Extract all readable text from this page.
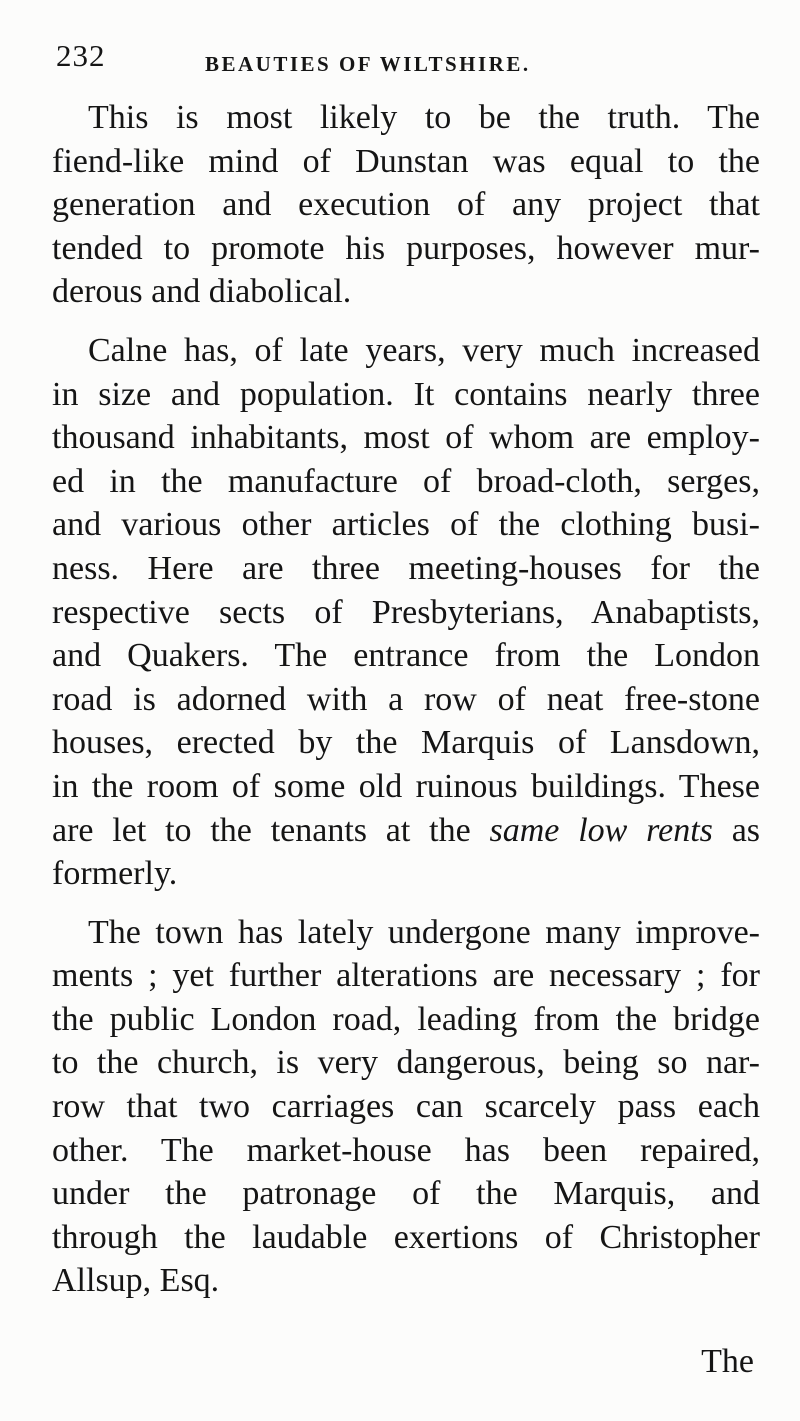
232	BEAUTIES OF WILTSHIRE.

This is most likely to be the truth. The
fiend-like mind of Dunstan was equal to the
generation and execution of any project that
tended to promote his purposes, however mur-
derous and diabolical.

Calne has, of late years, very much increased
in size and population. It contains nearly three
thousand inhabitants, most of whom are employ-
ed in the manufacture of broad-cloth, serges,
and various other articles of the clothing busi-
ness. Here are three meeting-houses for the
respective sects of Presbyterians, Anabaptists,
and Quakers. The entrance from the London
road is adorned with a row of neat free-stone
houses, erected by the Marquis of Lansdown,
in the room of some old ruinous buildings. These
are let to the tenants at the same low rents as
formerly.

The town has lately undergone many improve-
ments ; yet further alterations are necessary ; for
the public London road, leading from the bridge
to the church, is very dangerous, being so nar-
row that two carriages can scarcely pass each
other. The market-house has been repaired,
under the patronage of the Marquis, and
through the laudable exertions of Christopher
Allsup, Esq.

The
